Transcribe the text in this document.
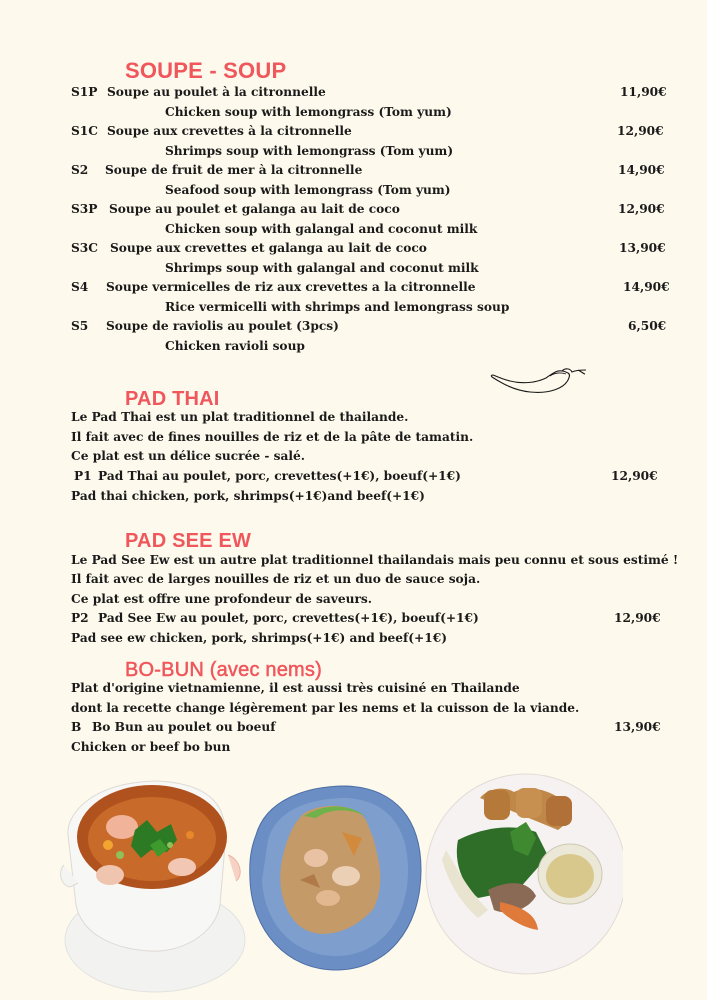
SOUPE - SOUP
S1P Soupe au poulet à la citronnelle	11,90€
Chicken soup with lemongrass (Tom yum)
S1C Soupe aux crevettes à la citronnelle	12,90€
Shrimps soup with lemongrass (Tom yum)
S2 Soupe de fruit de mer à la citronnelle	14,90€
Seafood soup with lemongrass (Tom yum)
S3P Soupe au poulet et galanga au lait de coco	12,90€
Chicken soup with galangal and coconut milk
S3C Soupe aux crevettes et galanga au lait de coco	13,90€
Shrimps soup with galangal and coconut milk
S4 Soupe vermicelles de riz aux crevettes a la citronnelle	14,90€
Rice vermicelli with shrimps and lemongrass soup
S5 Soupe de raviolis au poulet (3pcs)	6,50€
Chicken ravioli soup
PAD THAI
Le Pad Thai est un plat traditionnel de thailande.
Il fait avec de fines nouilles de riz et de la pâte de tamatin.
Ce plat est un délice sucrée - salé.
P1 Pad Thai au poulet, porc, crevettes(+1€), boeuf(+1€)	12,90€
Pad thai chicken, pork, shrimps(+1€)and beef(+1€)
PAD SEE EW
Le Pad See Ew est un autre plat traditionnel thailandais mais peu connu et sous estimé !
Il fait avec de larges nouilles de riz et un duo de sauce soja.
Ce plat est offre une profondeur de saveurs.
P2 Pad See Ew au poulet, porc, crevettes(+1€), boeuf(+1€)	12,90€
Pad see ew chicken, pork, shrimps(+1€) and beef(+1€)
BO-BUN (avec nems)
Plat d'origine vietnamienne, il est aussi très cuisiné en Thailande
dont la recette change légèrement par les nems et la cuisson de la viande.
B Bo Bun au poulet ou boeuf	13,90€
Chicken or beef bo bun
